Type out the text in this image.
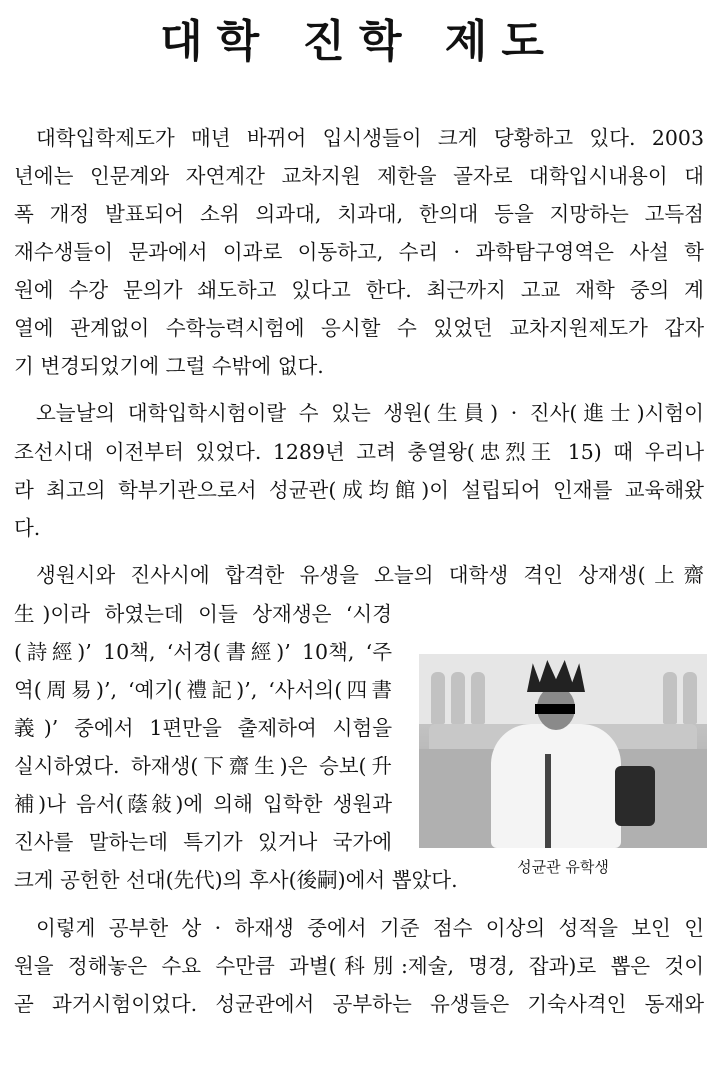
대학 진학 제도

대학입학제도가 매년 바뀌어 입시생들이 크게 당황하고 있다. 2003

년에는 인문계와 자연계간 교차지원 제한을 골자로 대학입시내용이 대

폭 개정 발표되어 소위 의과대, 치과대, 한의대 등을 지망하는 고득점

재수생들이 문과에서 이과로 이동하고, 수리 · 과학탐구영역은 사설 학

원에 수강 문의가 쇄도하고 있다고 한다. 최근까지 고교 재학 중의 계

열에 관계없이 수학능력시험에 응시할 수 있었던 교차지원제도가 갑자

기 변경되었기에 그럴 수밖에 없다.

오늘날의 대학입학시험이랄 수 있는 생원(生員) · 진사(進士)시험이

조선시대 이전부터 있었다. 1289년 고려 충열왕(忠烈王 15) 때 우리나

라 최고의 학부기관으로서 성균관(成均館)이 설립되어 인재를 교육해왔

다.

생원시와 진사시에 합격한 유생을 오늘의 대학생 격인 상재생(上齋

生)이라 하였는데 이들 상재생은 ‘시경

(詩經)’ 10책, ‘서경(書經)’ 10책, ‘주

역(周易)’, ‘예기(禮記)’, ‘사서의(四書

義)’ 중에서 1편만을 출제하여 시험을

실시하였다. 하재생(下齋生)은 승보(升

補)나 음서(蔭敍)에 의해 입학한 생원과

진사를 말하는데 특기가 있거나 국가에

크게 공헌한 선대(先代)의 후사(後嗣)에서 뽑았다.

이렇게 공부한 상 · 하재생 중에서 기준 점수 이상의 성적을 보인 인

원을 정해놓은 수요 수만큼 과별(科別:제술, 명경, 잡과)로 뽑은 것이

곧 과거시험이었다. 성균관에서 공부하는 유생들은 기숙사격인 동재와

성균관 유학생
